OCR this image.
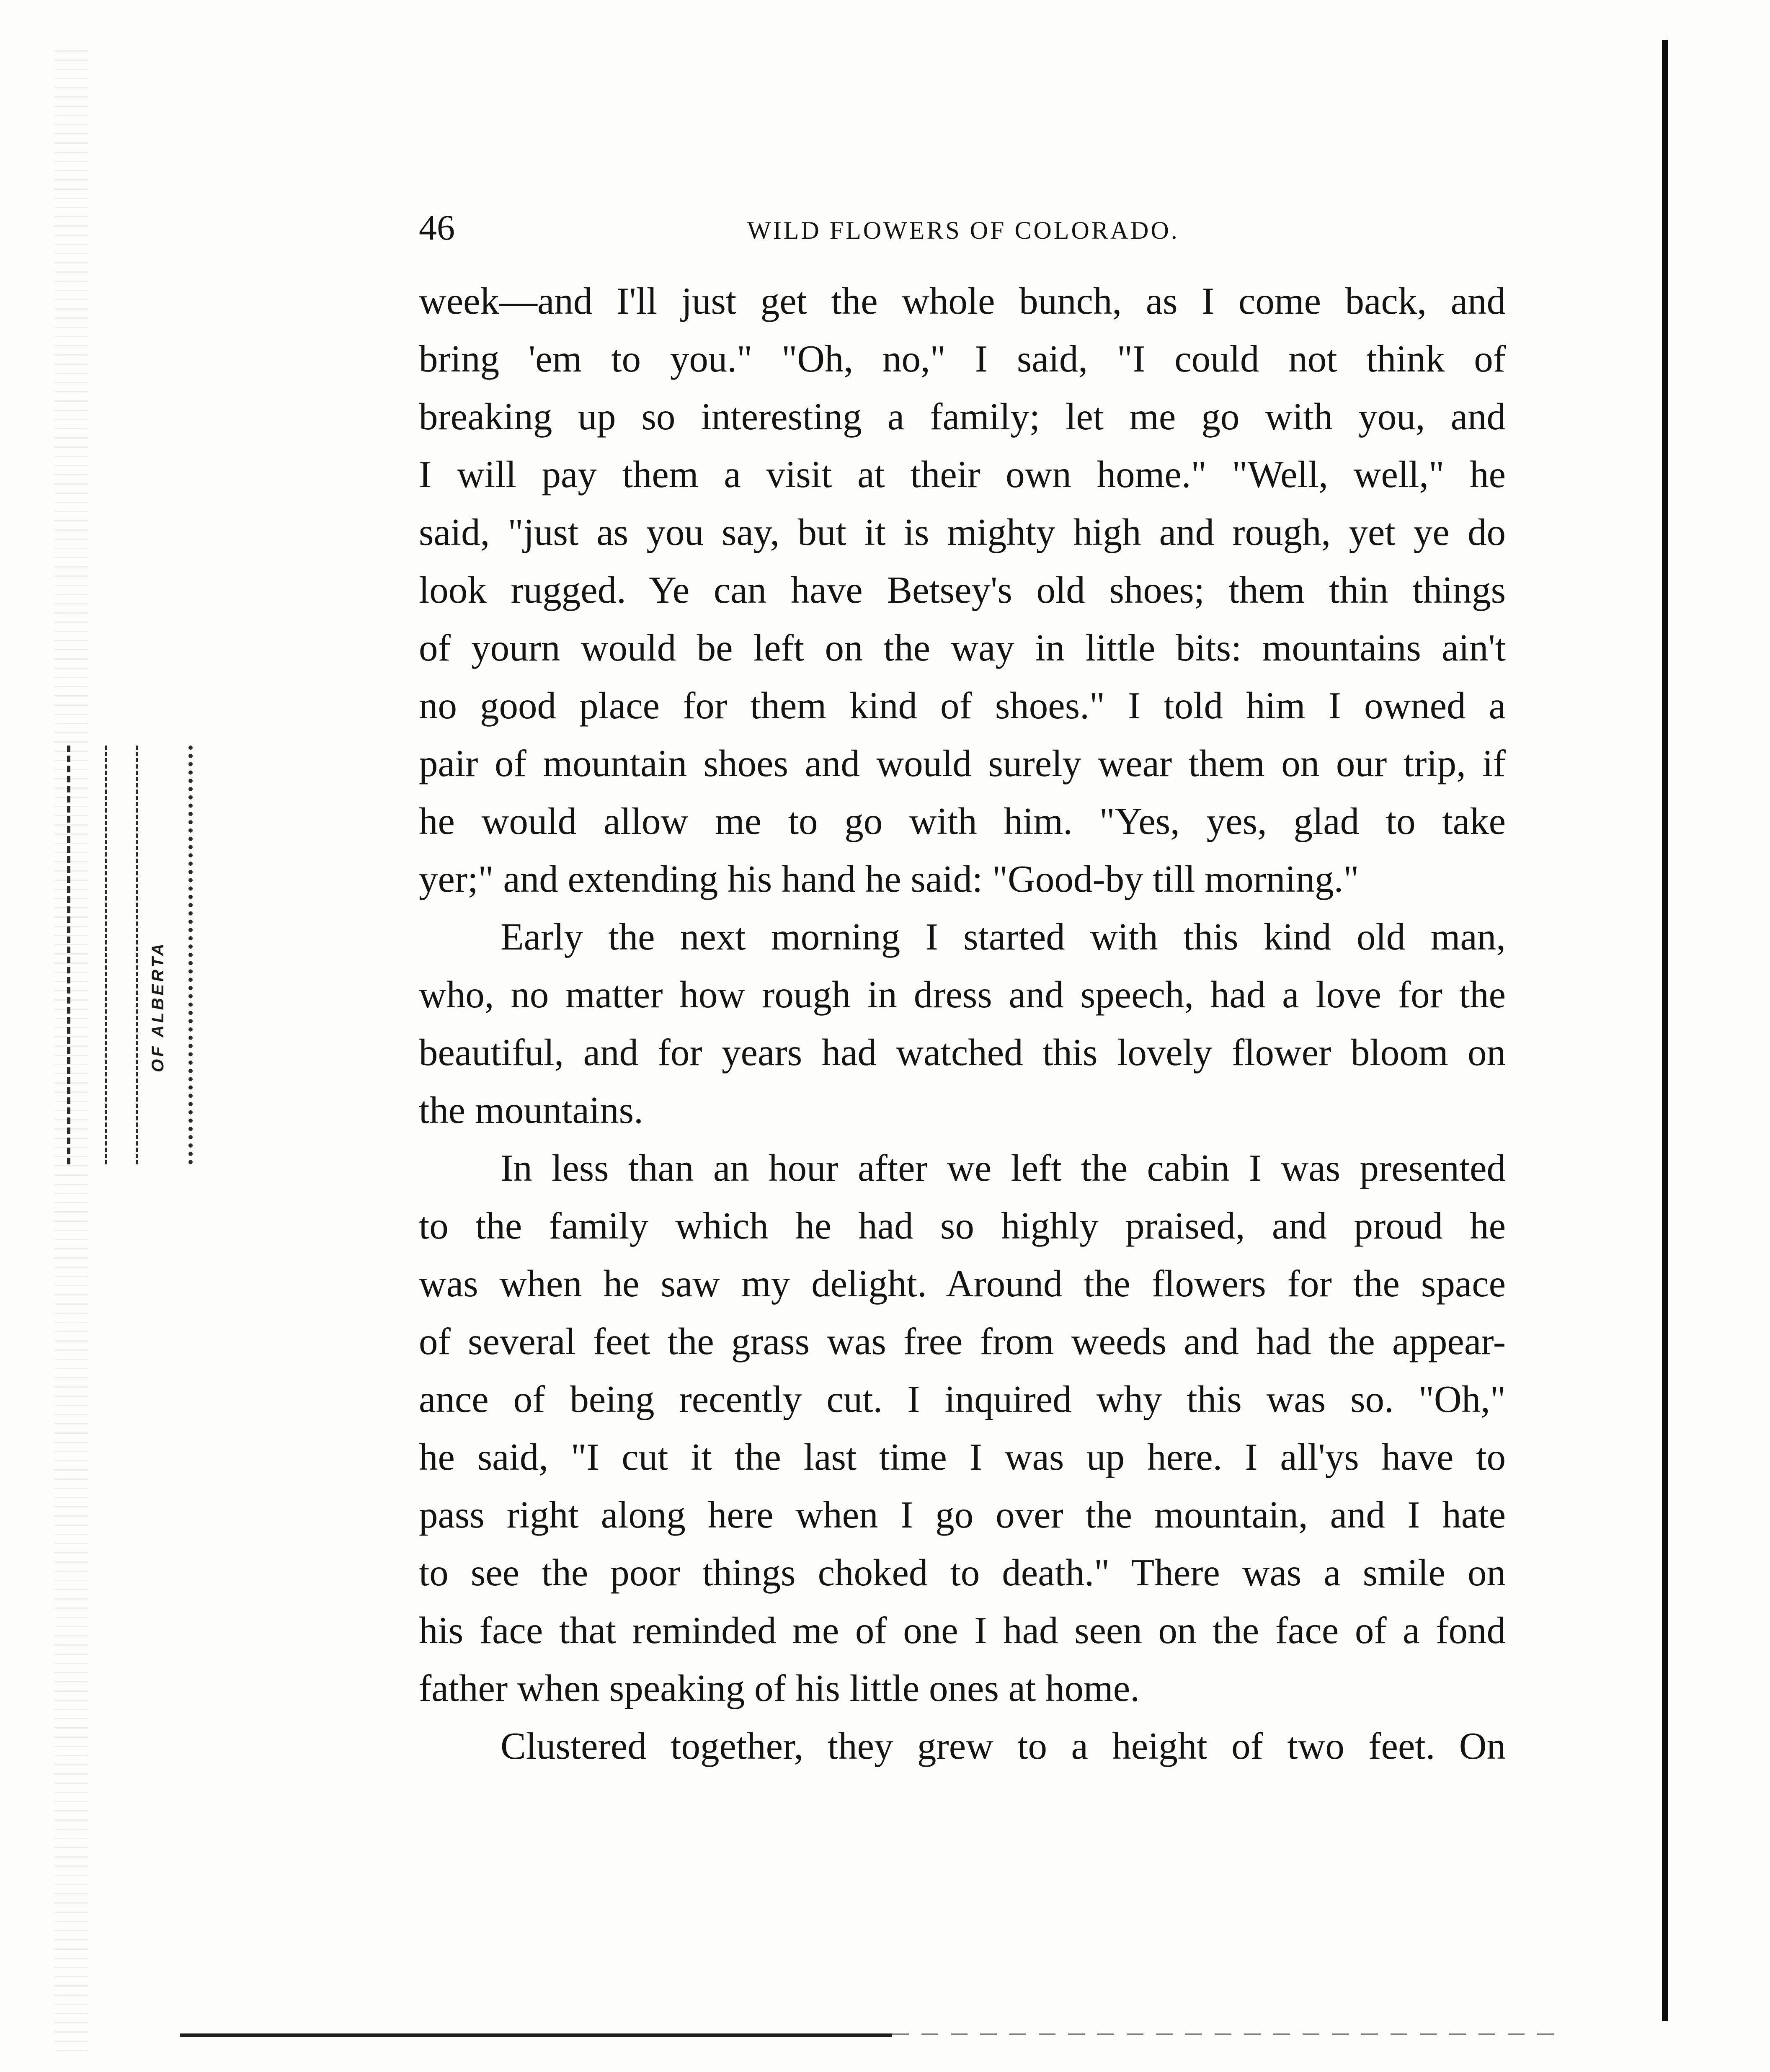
OF ALBERTA
46	WILD FLOWERS OF COLORADO.
week—and I'll just get the whole bunch, as I come back, and
bring 'em to you." "Oh, no," I said, "I could not think of
breaking up so interesting a family; let me go with you, and
I will pay them a visit at their own home." "Well, well," he
said, "just as you say, but it is mighty high and rough, yet ye do
look rugged. Ye can have Betsey's old shoes; them thin things
of yourn would be left on the way in little bits: mountains ain't
no good place for them kind of shoes." I told him I owned a
pair of mountain shoes and would surely wear them on our trip, if
he would allow me to go with him. "Yes, yes, glad to take
yer;" and extending his hand he said: "Good-by till morning."
Early the next morning I started with this kind old man,
who, no matter how rough in dress and speech, had a love for the
beautiful, and for years had watched this lovely flower bloom on
the mountains.
In less than an hour after we left the cabin I was presented
to the family which he had so highly praised, and proud he
was when he saw my delight. Around the flowers for the space
of several feet the grass was free from weeds and had the appear-
ance of being recently cut. I inquired why this was so. "Oh,"
he said, "I cut it the last time I was up here. I all'ys have to
pass right along here when I go over the mountain, and I hate
to see the poor things choked to death." There was a smile on
his face that reminded me of one I had seen on the face of a fond
father when speaking of his little ones at home.
Clustered together, they grew to a height of two feet. On
